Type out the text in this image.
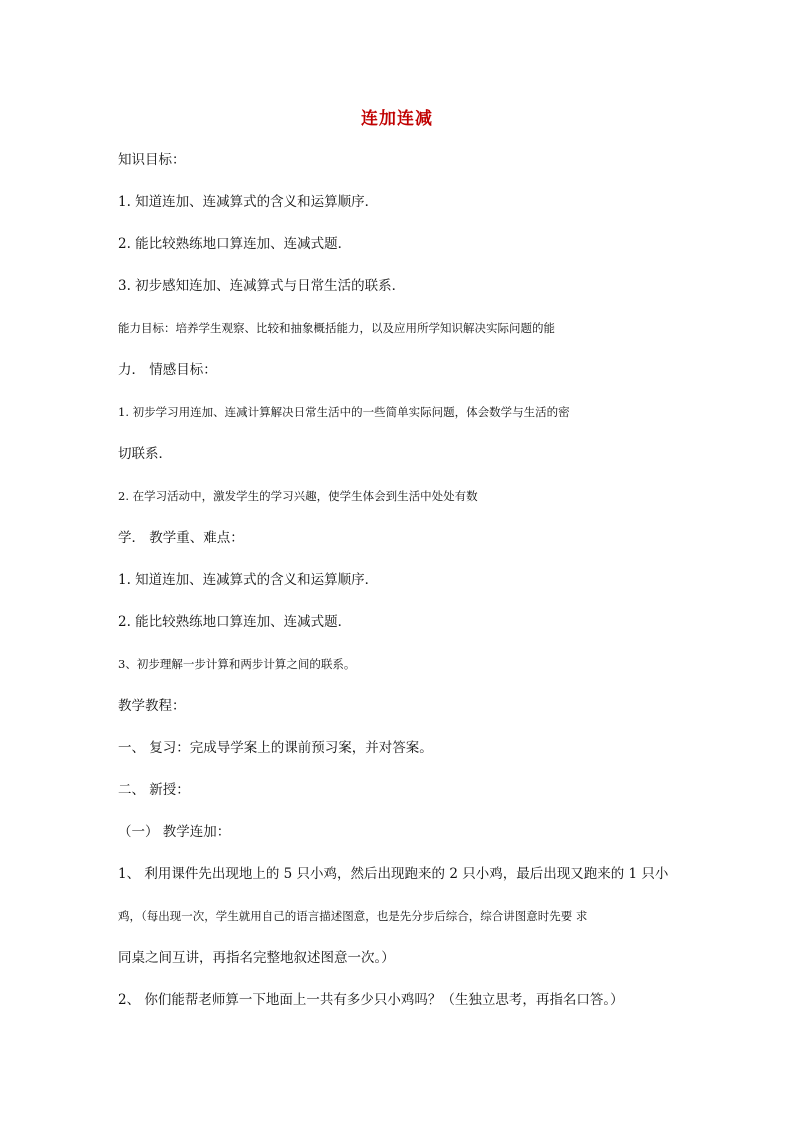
连加连减
知识目标：
1. 知道连加、连减算式的含义和运算顺序．
2. 能比较熟练地口算连加、连减式题．
3. 初步感知连加、连减算式与日常生活的联系．
能力目标：培养学生观察、比较和抽象概括能力，以及应用所学知识解决实际问题的能
力． 情感目标：
1. 初步学习用连加、连减计算解决日常生活中的一些简单实际问题，体会数学与生活的密
切联系．
2. 在学习活动中，激发学生的学习兴趣，使学生体会到生活中处处有数
学． 教学重、难点：
1. 知道连加、连减算式的含义和运算顺序．
2. 能比较熟练地口算连加、连减式题．
3、初步理解一步计算和两步计算之间的联系。
教学教程：
一、 复习：完成导学案上的课前预习案，并对答案。
二、 新授：
（一） 教学连加：
1、 利用课件先出现地上的 5 只小鸡，然后出现跑来的 2 只小鸡，最后出现又跑来的 1 只小
鸡，（每出现一次，学生就用自己的语言描述图意，也是先分步后综合，综合讲图意时先要 求
同桌之间互讲，再指名完整地叙述图意一次。）
2、 你们能帮老师算一下地面上一共有多少只小鸡吗？（生独立思考，再指名口答。）
